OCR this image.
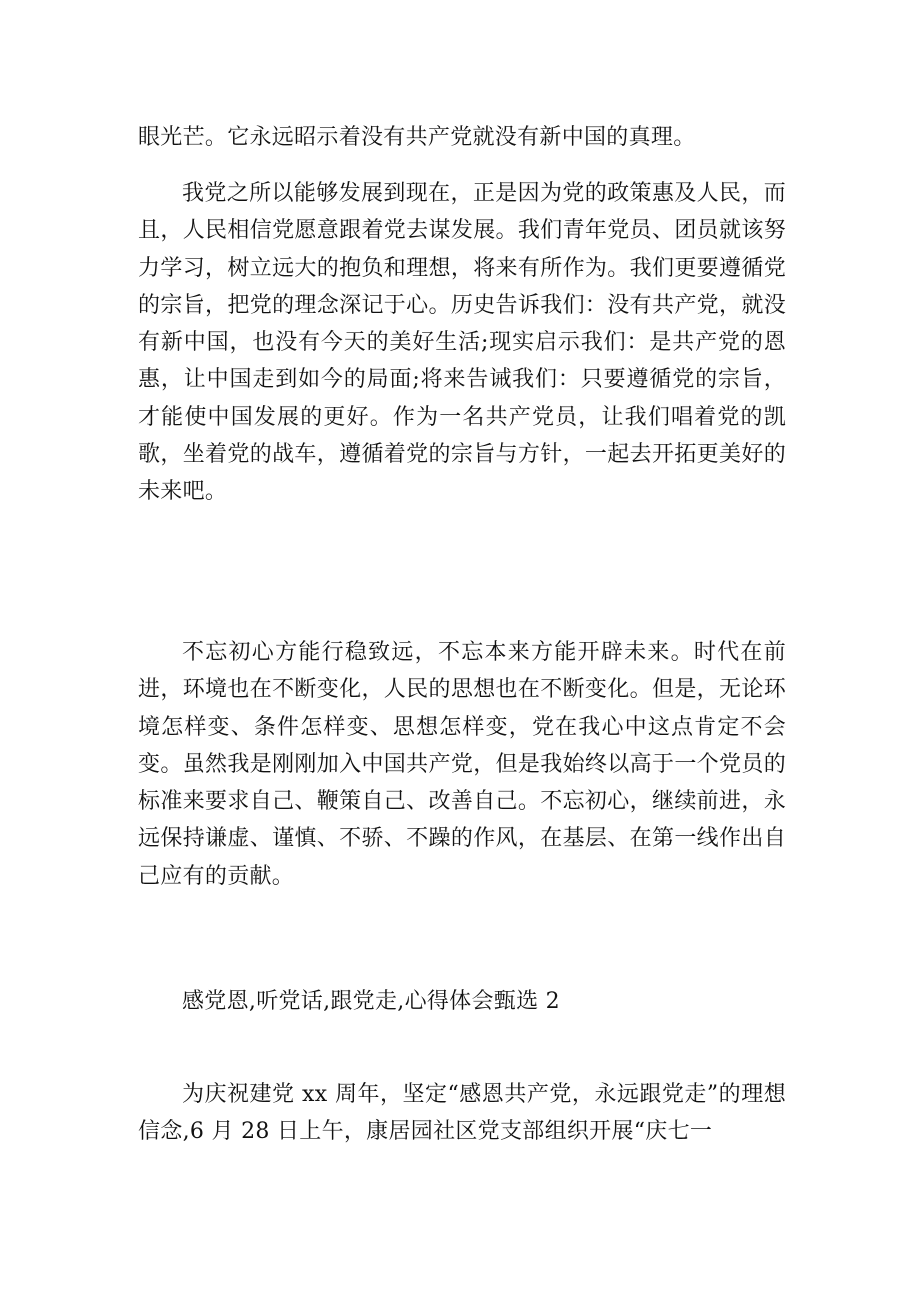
眼光芒。它永远昭示着没有共产党就没有新中国的真理。

我党之所以能够发展到现在，正是因为党的政策惠及人民，而且，人民相信党愿意跟着党去谋发展。我们青年党员、团员就该努力学习，树立远大的抱负和理想，将来有所作为。我们更要遵循党的宗旨，把党的理念深记于心。历史告诉我们：没有共产党，就没有新中国，也没有今天的美好生活;现实启示我们：是共产党的恩惠，让中国走到如今的局面;将来告诫我们：只要遵循党的宗旨，才能使中国发展的更好。作为一名共产党员，让我们唱着党的凯歌，坐着党的战车，遵循着党的宗旨与方针，一起去开拓更美好的未来吧。

不忘初心方能行稳致远，不忘本来方能开辟未来。时代在前进，环境也在不断变化，人民的思想也在不断变化。但是，无论环境怎样变、条件怎样变、思想怎样变，党在我心中这点肯定不会变。虽然我是刚刚加入中国共产党，但是我始终以高于一个党员的标准来要求自己、鞭策自己、改善自己。不忘初心，继续前进，永远保持谦虚、谨慎、不骄、不躁的作风，在基层、在第一线作出自己应有的贡献。

感党恩,听党话,跟党走,心得体会甄选 2

为庆祝建党 xx 周年，坚定“感恩共产党，永远跟党走”的理想信念,6 月 28 日上午，康居园社区党支部组织开展“庆七一
